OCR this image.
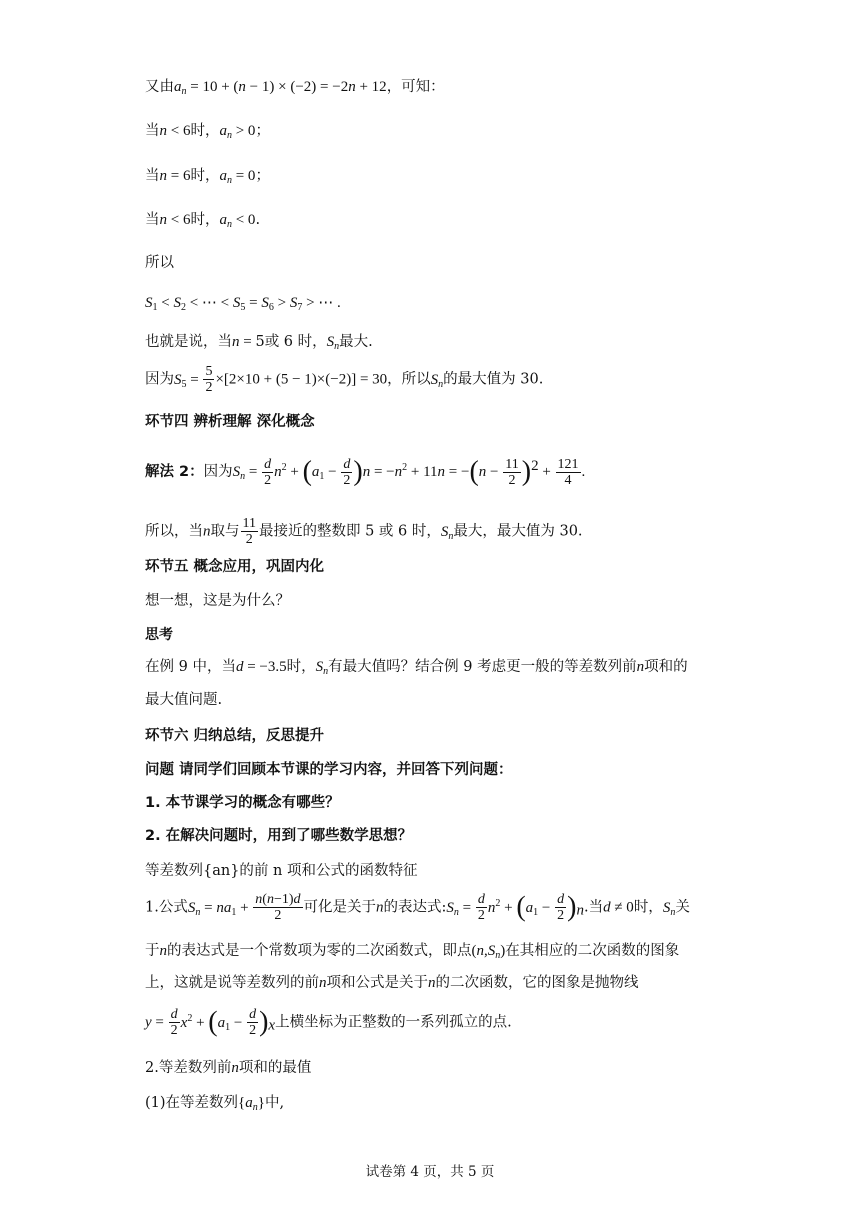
又由$a_n = 10 + (n - 1) \times (-2) = -2n + 12$，可知：
当n < 6时，$a_n > 0$；
当n = 6时，$a_n = 0$；
当n < 6时，$a_n < 0$.
所以
$S_1 < S_2$ < ⋯ < $S_5 = S_6 > S_7$ > ⋯ .
也就是说，当n = 5或 6 时，$S_n$最大.
因为$S_5 = \frac{5}{2} \times[2\times 10 + (5 - 1)\times(-2)] = 30$，所以$S_n$的最大值为 30.
环节四 辨析理解 深化概念
解法 2：因为$S_n = \frac{d}{2} n^2 + (a_1 - \frac{d}{2} )n = -n^2 + 11n = -(n - \frac{11}{2} )^2 + \frac{121}{4}$ .
所以，当n取与 $\frac{11}{2}$ 最接近的整数即 5 或 6 时，$S_n$最大，最大值为 30.
环节五 概念应用，巩固内化
想一想，这是为什么？
思考
在例 9 中，当d = −3.5时，$S_n$有最大值吗？结合例 9 考虑更一般的等差数列前n项和的
最大值问题.
环节六 归纳总结，反思提升
问题 请同学们回顾本节课的学习内容，并回答下列问题：
1. 本节课学习的概念有哪些？
2. 在解决问题时，用到了哪些数学思想？
等差数列{an}的前 n 项和公式的函数特征
1.公式$S_n = na_1 + \frac{n(n-1)d}{2}$ 可化是关于n的表达式$:S_n = \frac{d}{2} n^2 + (a_1 - \frac{d}{2} )_n$.当d ≠ 0时，$S_n$关
于n的表达式是一个常数项为零的二次函数式，即点$(n,S_n)$在其相应的二次函数的图象
上，这就是说等差数列的前n项和公式是关于n的二次函数，它的图象是抛物线
$y = \frac{d}{2} x^2 + (a_1 - \frac{d}{2} )_x$上横坐标为正整数的一系列孤立的点.
2.等差数列前n项和的最值
(1)在等差数列$\{a_n\}$中,
试卷第 4 页，共 5 页
